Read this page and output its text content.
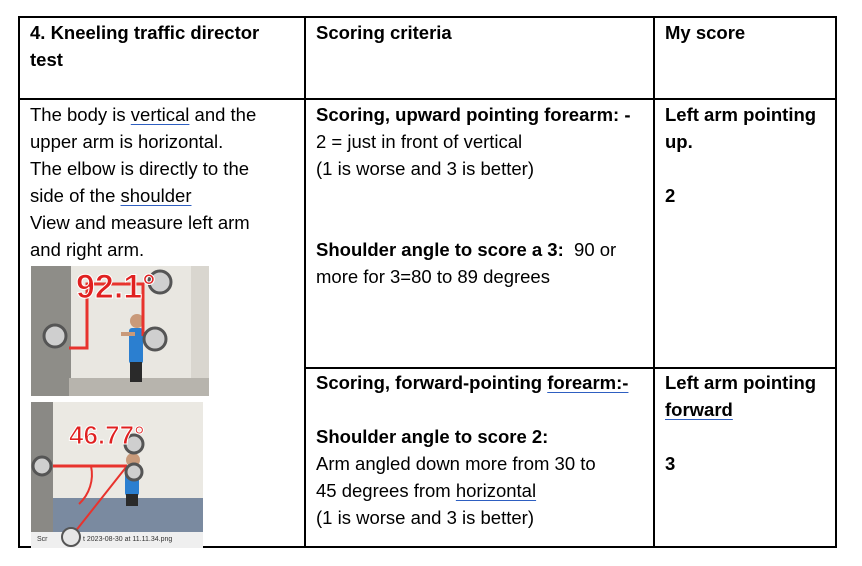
4. Kneeling traffic director test
Scoring criteria	My score
The body is vertical and the
upper arm is horizontal.
The elbow is directly to the
side of the shoulder
View and measure left arm
and right arm.
92.1°
46.77°
Scr	t 2023-08-30 at 11.11.34.png
Scoring, upward pointing forearm: -
2 = just in front of vertical
(1 is worse and 3 is better)

Shoulder angle to score a 3:  90 or
more for 3=80 to 89 degrees
Left arm pointing
up.

2
Scoring, forward-pointing forearm:-

Shoulder angle to score 2:
Arm angled down more from 30 to
45 degrees from horizontal
(1 is worse and 3 is better)
Left arm pointing
forward

3
